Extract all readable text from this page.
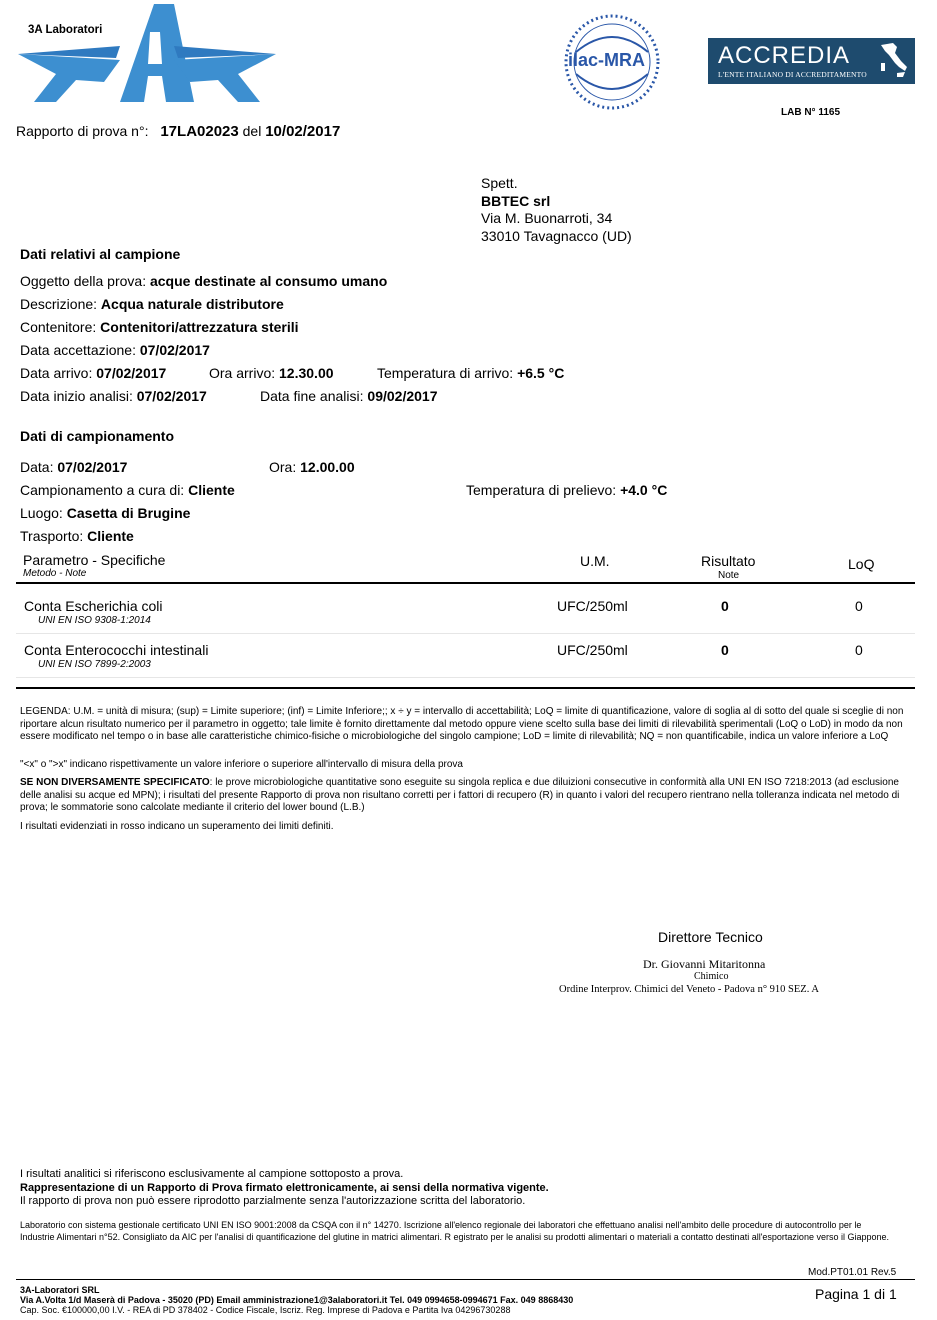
3A Laboratori
ilac-MRA	ACCREDIA
L'ENTE ITALIANO DI ACCREDITAMENTO
LAB N° 1165
Rapporto di prova n°: 17LA02023 del 10/02/2017
Spett.
BBTEC srl
Via M. Buonarroti, 34
33010 Tavagnacco (UD)
Dati relativi al campione
Oggetto della prova: acque destinate al consumo umano
Descrizione: Acqua naturale distributore
Contenitore: Contenitori/attrezzatura sterili
Data accettazione: 07/02/2017
Data arrivo: 07/02/2017	Ora arrivo: 12.30.00	Temperatura di arrivo: +6.5 °C
Data inizio analisi: 07/02/2017	Data fine analisi: 09/02/2017
Dati di campionamento
Data: 07/02/2017	Ora: 12.00.00
Campionamento a cura di: Cliente	Temperatura di prelievo: +4.0 °C
Luogo: Casetta di Brugine
Trasporto: Cliente
Parametro - Specifiche
Metodo - Note
U.M.	Risultato
Note
LoQ
Conta Escherichia coli
UNI EN ISO 9308-1:2014
UFC/250ml	0	0
Conta Enterococchi intestinali
UNI EN ISO 7899-2:2003
UFC/250ml	0	0
LEGENDA: U.M. = unità di misura; (sup) = Limite superiore; (inf) = Limite Inferiore;; x ÷ y = intervallo di accettabilità; LoQ = limite di quantificazione, valore di soglia al di sotto del quale si sceglie di non riportare alcun risultato numerico per il parametro in oggetto; tale limite è fornito direttamente dal metodo oppure viene scelto sulla base dei limiti di rilevabilità sperimentali (LoQ o LoD) in modo da non essere modificato nel tempo o in base alle caratteristiche chimico-fisiche o microbiologiche del singolo campione; LoD = limite di rilevabilità; NQ = non quantificabile, indica un valore inferiore a LoQ
"<x" o ">x" indicano rispettivamente un valore inferiore o superiore all'intervallo di misura della prova
SE NON DIVERSAMENTE SPECIFICATO: le prove microbiologiche quantitative sono eseguite su singola replica e due diluizioni consecutive in conformità alla UNI EN ISO 7218:2013 (ad esclusione delle analisi su acque ed MPN); i risultati del presente Rapporto di prova non risultano corretti per i fattori di recupero (R) in quanto i valori del recupero rientrano nella tolleranza indicata nel metodo di prova; le sommatorie sono calcolate mediante il criterio del lower bound (L.B.)
I risultati evidenziati in rosso indicano un superamento dei limiti definiti.
Direttore Tecnico
Dr. Giovanni Mitaritonna
Chimico
Ordine Interprov. Chimici del Veneto - Padova n° 910 SEZ. A
I risultati analitici si riferiscono esclusivamente al campione sottoposto a prova.
Rappresentazione di un Rapporto di Prova firmato elettronicamente, ai sensi della normativa vigente.
Il rapporto di prova non può essere riprodotto parzialmente senza l'autorizzazione scritta del laboratorio.
Laboratorio con sistema gestionale certificato UNI EN ISO 9001:2008 da CSQA con il n° 14270. Iscrizione all'elenco regionale dei laboratori che effettuano analisi nell'ambito delle procedure di autocontrollo per le Industrie Alimentari n°52. Consigliato da AIC per l'analisi di quantificazione del glutine in matrici alimentari. R egistrato per le analisi su prodotti alimentari o materiali a contatto destinati all'esportazione verso il Giappone.
Mod.PT01.01 Rev.5
3A-Laboratori SRL
Via A.Volta 1/d Maserà di Padova - 35020 (PD) Email amministrazione1@3alaboratori.it Tel. 049 0994658-0994671 Fax. 049 8868430
Cap. Soc. €100000,00 I.V. - REA di PD 378402 - Codice Fiscale, Iscriz. Reg. Imprese di Padova e Partita Iva 04296730288
Pagina 1 di 1
